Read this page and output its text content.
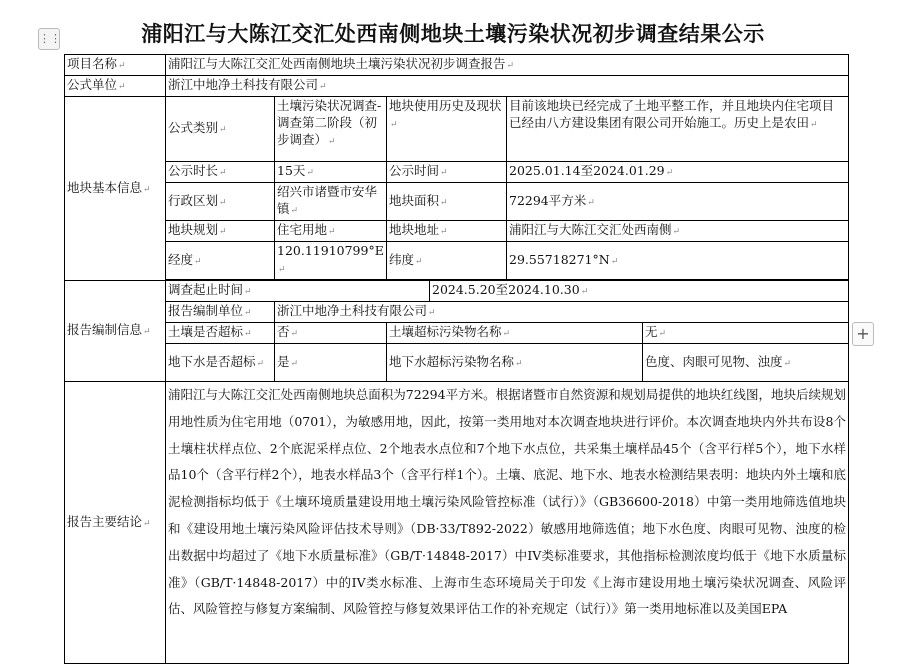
浦阳江与大陈江交汇处西南侧地块土壤污染状况初步调查结果公示
⋮⋮
+
项目名称 ↵	浦阳江与大陈江交汇处西南侧地块土壤污染状况初步调查报告 ↵
公式单位 ↵	浙江中地净土科技有限公司 ↵
地块基本信息 ↵	公式类别 ↵	土壤污染状况调查-调查第二阶段（初步调查） ↵	地块使用历史及现状 ↵		目前该地块已经完成了土地平整工作，并且地块内住宅项目已经由八方建设集团有限公司开始施工。历史上是农田 ↵
	公示时长 ↵	15天 ↵	公示时间 ↵		2025.01.14至2024.01.29 ↵
	行政区划 ↵	绍兴市诸暨市安华镇 ↵	地块面积 ↵		72294平方米 ↵
	地块规划 ↵	住宅用地 ↵	地块地址 ↵		浦阳江与大陈江交汇处西南侧 ↵
	经度 ↵	120.11910799°E ↵	纬度 ↵		29.55718271°N ↵

报告编制信息 ↵	调查起止时间 ↵			2024.5.20至2024.10.30 ↵
	报告编制单位 ↵	浙江中地净土科技有限公司 ↵
	土壤是否超标 ↵	否 ↵	土壤超标污染物名称 ↵			无 ↵
	地下水是否超标 ↵	是 ↵	地下水超标污染物名称 ↵			色度、肉眼可见物、浊度 ↵
报告主要结论 ↵	浦阳江与大陈江交汇处西南侧地块总面积为72294平方米。根据诸暨市自然资源和规划局提供的地块红线图，地块后续规划用地性质为住宅用地（0701），为敏感用地，因此，按第一类用地对本次调查地块进行评价。本次调查地块内外共布设8个土壤柱状样点位、2个底泥采样点位、2个地表水点位和7个地下水点位，共采集土壤样品45个（含平行样5个），地下水样品10个（含平行样2个），地表水样品3个（含平行样1个）。土壤、底泥、地下水、地表水检测结果表明：地块内外土壤和底泥检测指标均低于《土壤环境质量建设用地土壤污染风险管控标准（试行）》（GB36600-2018）中第一类用地筛选值地块和《建设用地土壤污染风险评估技术导则》（DB·33/T892-2022）敏感用地筛选值；地下水色度、肉眼可见物、浊度的检出数据中均超过了《地下水质量标准》（GB/T·14848-2017）中IV类标准要求，其他指标检测浓度均低于《地下水质量标准》（GB/T·14848-2017）中的IV类水标准、上海市生态环境局关于印发《上海市建设用地土壤污染状况调查、风险评估、风险管控与修复方案编制、风险管控与修复效果评估工作的补充规定（试行）》第一类用地标准以及美国EPA					
